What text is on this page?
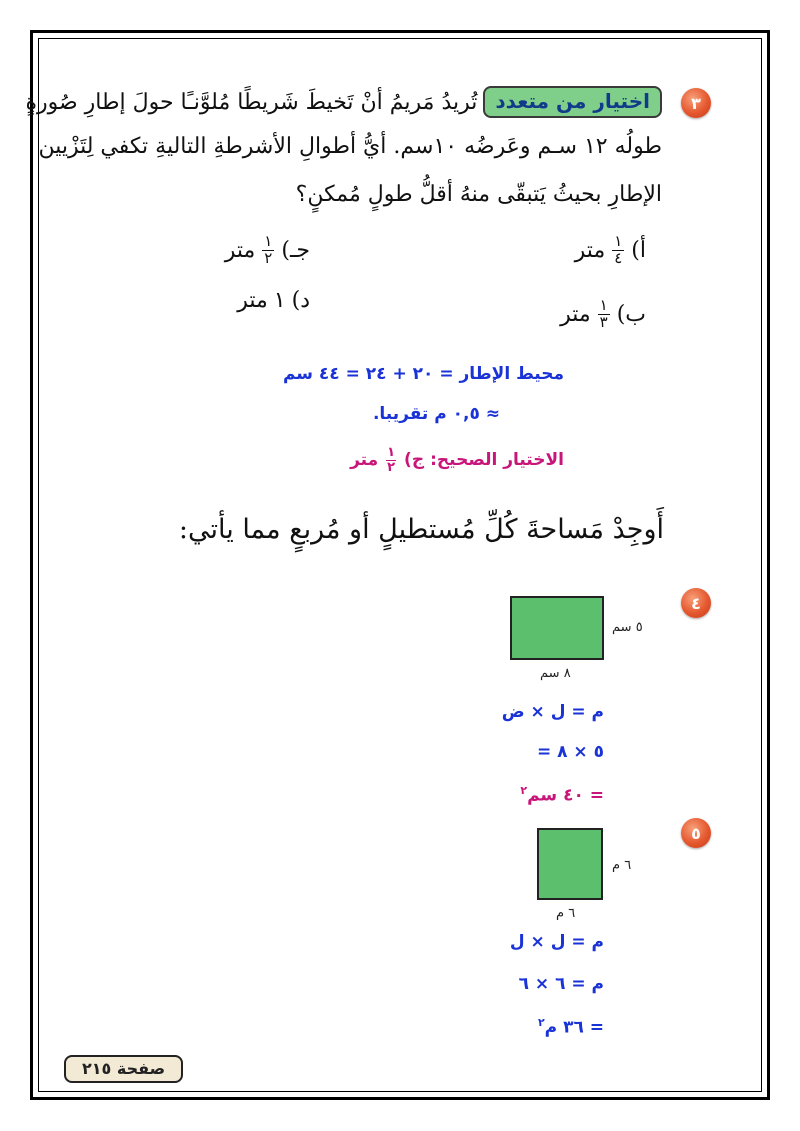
٣
اختيار من متعدد
تُريدُ مَريمُ أنْ تَخيطَ شَريطًا مُلوَّنـًا حولَ إطارِ صُورةٍ
طولُه ١٢ سـم وعَرضُه ١٠سم. أيُّ أطوالِ الأشرطةِ التاليةِ تكفي لِتَزْيين
الإطارِ بحيثُ يَتبقّى منهُ أقلُّ طولٍ مُمكنٍ؟
أ)
$\frac{١}{٤}$
متر
ب)
$\frac{١}{٣}$
متر
جـ)
$\frac{١}{٢}$
متر
د)
١
متر
محيط الإطار = ٢٠ + ٢٤ = ٤٤ سم
≈ ٠,٥ م تقريبا.
الاختيار الصحيح:
ج)
١
٢
متر
أَوجِدْ مَساحةَ كُلِّ مُستطيلٍ أو مُربعٍ مما يأتي:
٤
٥ سم
٨ سم
م = ل × ض
= ٥ × ٨
= ٤٠ سم$^٢$
٥
٦ م
٦ م
م = ل × ل
م = ٦ × ٦
= ٣٦ م$^٢$
صفحة ٢١٥
